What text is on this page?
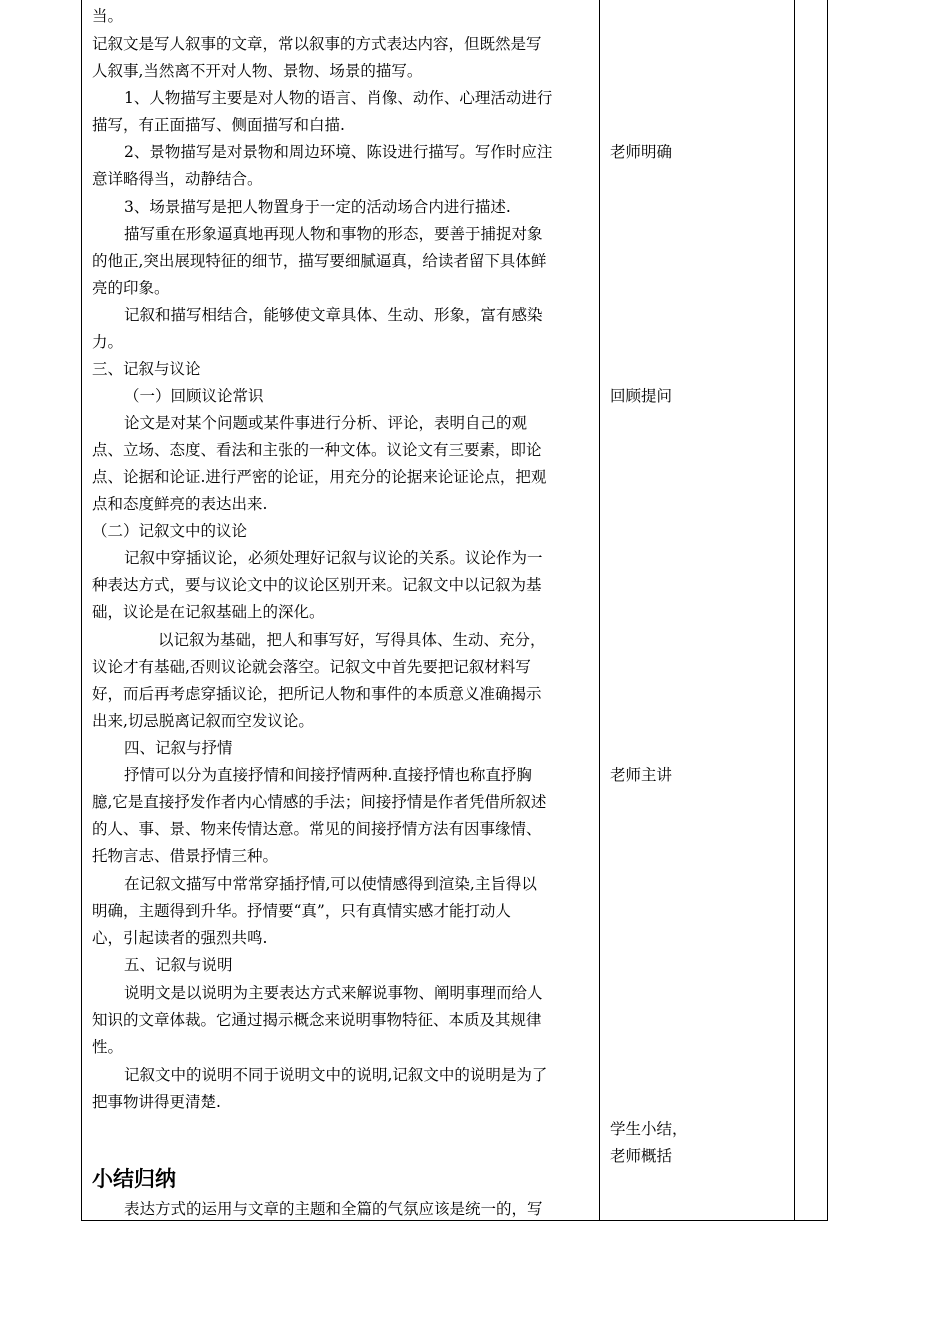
当。
记叙文是写人叙事的文章，常以叙事的方式表达内容，但既然是写
人叙事,当然离不开对人物、景物、场景的描写。
1、人物描写主要是对人物的语言、肖像、动作、心理活动进行
描写，有正面描写、侧面描写和白描.
2、景物描写是对景物和周边环境、陈设进行描写。写作时应注
意详略得当，动静结合。
3、场景描写是把人物置身于一定的活动场合内进行描述.
描写重在形象逼真地再现人物和事物的形态，要善于捕捉对象
的他正,突出展现特征的细节，描写要细腻逼真，给读者留下具体鲜
亮的印象。
记叙和描写相结合，能够使文章具体、生动、形象，富有感染
力。
三、记叙与议论
（一）回顾议论常识
论文是对某个问题或某件事进行分析、评论，表明自己的观
点、立场、态度、看法和主张的一种文体。议论文有三要素，即论
点、论据和论证.进行严密的论证，用充分的论据来论证论点，把观
点和态度鲜亮的表达出来.
（二）记叙文中的议论
记叙中穿插议论，必须处理好记叙与议论的关系。议论作为一
种表达方式，要与议论文中的议论区别开来。记叙文中以记叙为基
础，议论是在记叙基础上的深化。
以记叙为基础，把人和事写好，写得具体、生动、充分，
议论才有基础,否则议论就会落空。记叙文中首先要把记叙材料写
好，而后再考虑穿插议论，把所记人物和事件的本质意义准确揭示
出来,切忌脱离记叙而空发议论。
四、记叙与抒情
抒情可以分为直接抒情和间接抒情两种.直接抒情也称直抒胸
臆,它是直接抒发作者内心情感的手法；间接抒情是作者凭借所叙述
的人、事、景、物来传情达意。常见的间接抒情方法有因事缘情、
托物言志、借景抒情三种。
在记叙文描写中常常穿插抒情,可以使情感得到渲染,主旨得以
明确，主题得到升华。抒情要“真”，只有真情实感才能打动人
心，引起读者的强烈共鸣.
五、记叙与说明
说明文是以说明为主要表达方式来解说事物、阐明事理而给人
知识的文章体裁。它通过揭示概念来说明事物特征、本质及其规律
性。
记叙文中的说明不同于说明文中的说明,记叙文中的说明是为了
把事物讲得更清楚.
小结归纳
表达方式的运用与文章的主题和全篇的气氛应该是统一的，写
老师明确
回顾提问
老师主讲
学生小结，
老师概括
